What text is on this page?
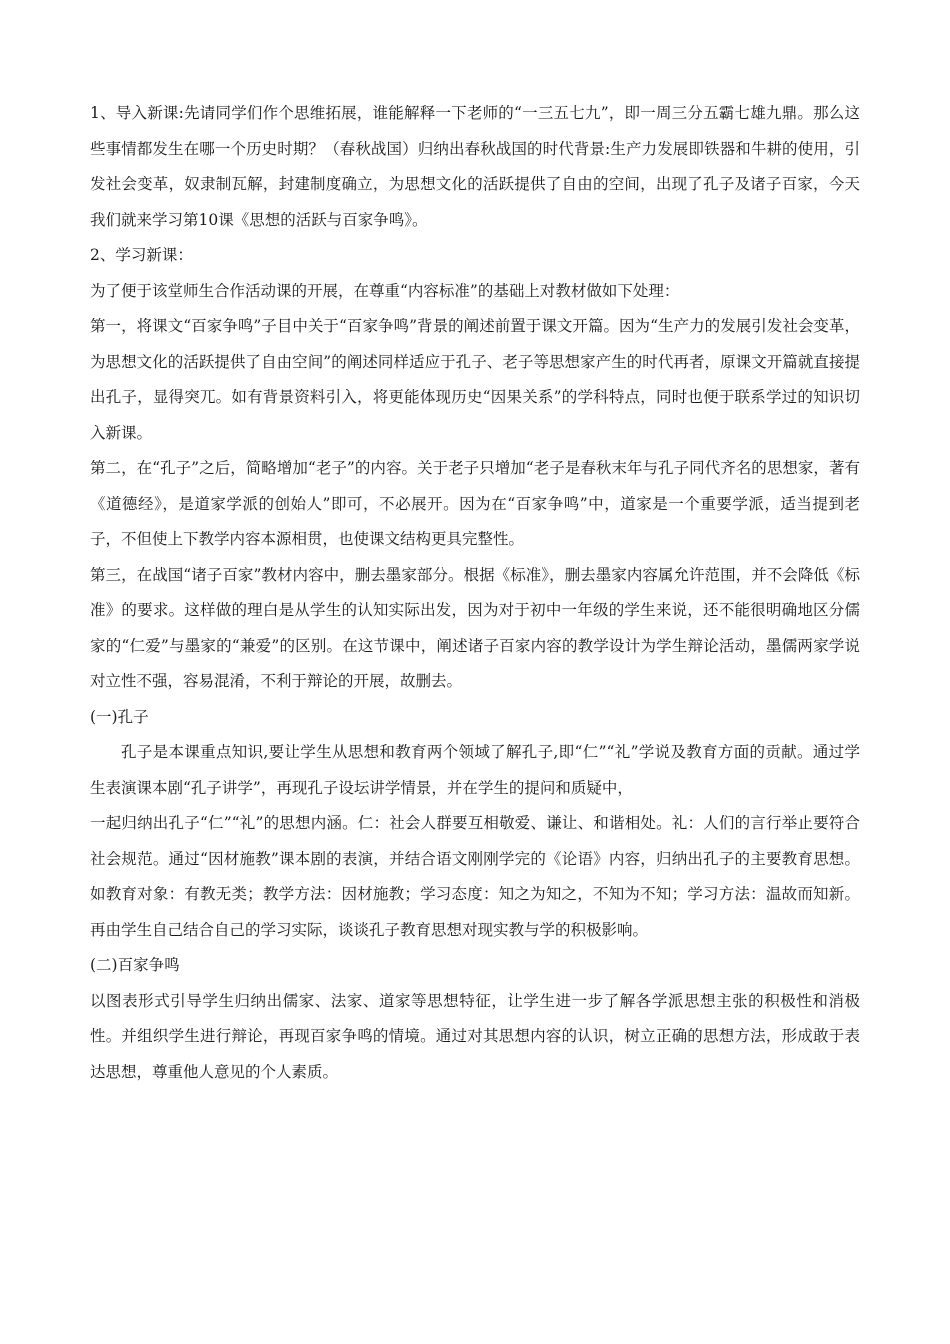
1、导入新课:先请同学们作个思维拓展，谁能解释一下老师的“一三五七九”，即一周三分五霸七雄九鼎。那么这些事情都发生在哪一个历史时期？（春秋战国）归纳出春秋战国的时代背景:生产力发展即铁器和牛耕的使用，引发社会变革，奴隶制瓦解，封建制度确立，为思想文化的活跃提供了自由的空间，出现了孔子及诸子百家，今天我们就来学习第10课《思想的活跃与百家争鸣》。

2、学习新课：

为了便于该堂师生合作活动课的开展，在尊重“内容标准”的基础上对教材做如下处理：

第一，将课文“百家争鸣”子目中关于“百家争鸣”背景的阐述前置于课文开篇。因为“生产力的发展引发社会变革，为思想文化的活跃提供了自由空间”的阐述同样适应于孔子、老子等思想家产生的时代再者，原课文开篇就直接提出孔子，显得突兀。如有背景资料引入，将更能体现历史“因果关系”的学科特点，同时也便于联系学过的知识切入新课。

第二，在“孔子”之后，简略增加“老子”的内容。关于老子只增加“老子是春秋末年与孔子同代齐名的思想家，著有《道德经》，是道家学派的创始人”即可，不必展开。因为在“百家争鸣”中，道家是一个重要学派，适当提到老子，不但使上下教学内容本源相贯，也使课文结构更具完整性。

第三，在战国“诸子百家”教材内容中，删去墨家部分。根据《标准》，删去墨家内容属允许范围，并不会降低《标准》的要求。这样做的理白是从学生的认知实际出发，因为对于初中一年级的学生来说，还不能很明确地区分儒家的“仁爱”与墨家的“兼爱”的区别。在这节课中，阐述诸子百家内容的教学设计为学生辩论活动，墨儒两家学说对立性不强，容易混淆，不利于辩论的开展，故删去。

(一)孔子

孔子是本课重点知识,要让学生从思想和教育两个领域了解孔子,即“仁”“礼”学说及教育方面的贡献。通过学生表演课本剧“孔子讲学”，再现孔子设坛讲学情景，并在学生的提问和质疑中，

一起归纳出孔子“仁”“礼”的思想内涵。仁：社会人群要互相敬爱、谦让、和谐相处。礼：人们的言行举止要符合社会规范。通过“因材施教”课本剧的表演，并结合语文刚刚学完的《论语》内容，归纳出孔子的主要教育思想。如教育对象：有教无类；教学方法：因材施教；学习态度：知之为知之，不知为不知；学习方法：温故而知新。再由学生自己结合自己的学习实际，谈谈孔子教育思想对现实教与学的积极影响。

(二)百家争鸣

以图表形式引导学生归纳出儒家、法家、道家等思想特征，让学生进一步了解各学派思想主张的积极性和消极性。并组织学生进行辩论，再现百家争鸣的情境。通过对其思想内容的认识，树立正确的思想方法，形成敢于表达思想，尊重他人意见的个人素质。
